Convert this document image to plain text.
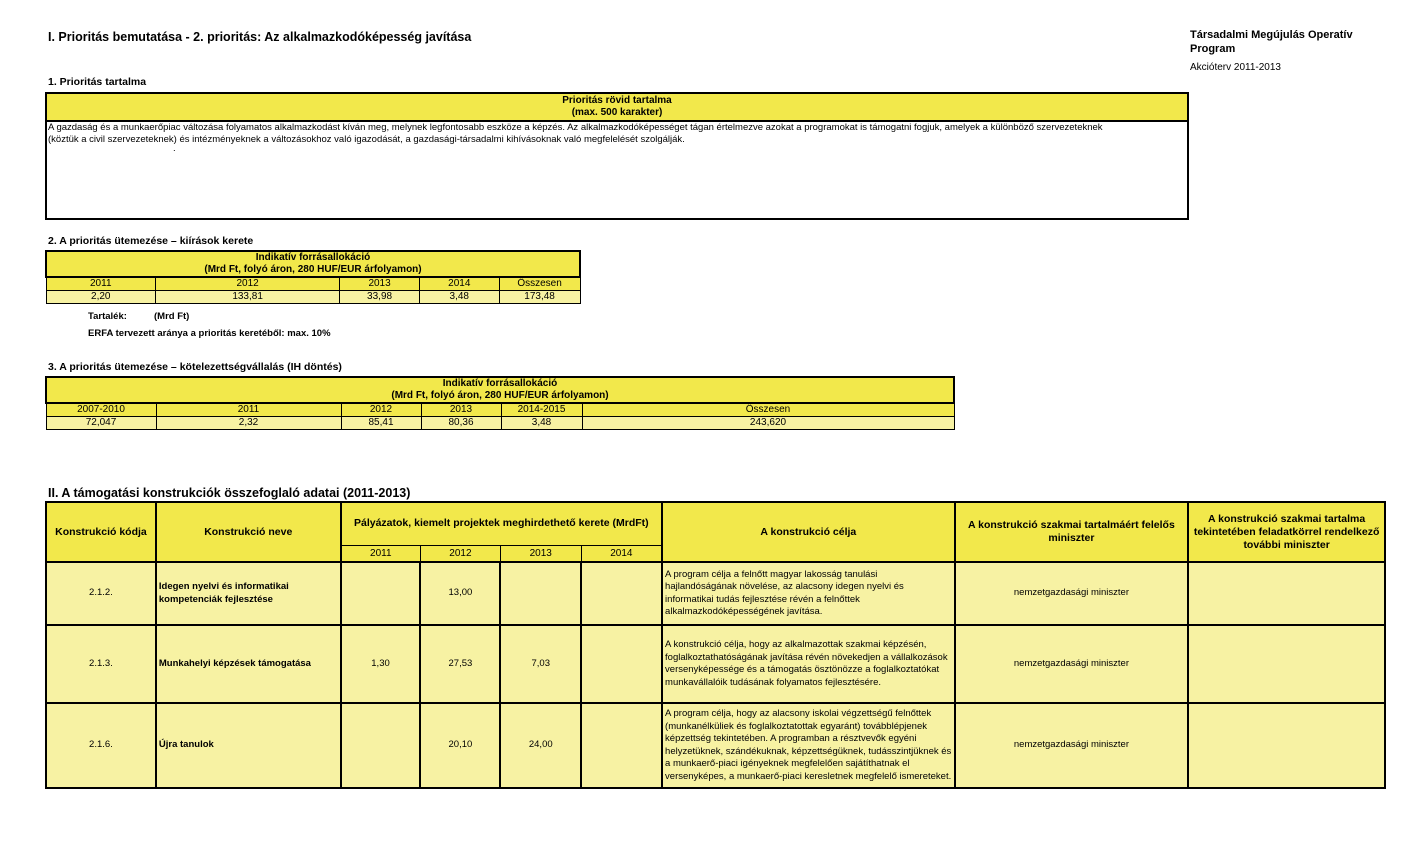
I. Prioritás bemutatása - 2. prioritás: Az alkalmazkodóképesség javítása	Társadalmi Megújulás Operatív
Program
Akcióterv 2011-2013
1. Prioritás tartalma
Prioritás rövid tartalma
(max. 500 karakter)

A gazdaság és a munkaerőpiac változása folyamatos alkalmazkodást kíván meg, melynek legfontosabb eszköze a képzés. Az alkalmazkodóképességet tágan értelmezve azokat a programokat is támogatni fogjuk, amelyek a különböző szervezeteknek
(köztük a civil szervezeteknek) és intézményeknek a változásokhoz való igazodását, a gazdasági-társadalmi kihívásoknak való megfelelését szolgálják.
.
2. A prioritás ütemezése – kiírások kerete
Indikatív forrásallokáció
(Mrd Ft, folyó áron, 280 HUF/EUR árfolyamon)				

2011	2012	2013	2014	Összesen
2,20	133,81	33,98	3,48	173,48
Tartalék:	(Mrd Ft)
ERFA tervezett aránya a prioritás keretéből: max. 10%
3. A prioritás ütemezése – kötelezettségvállalás (IH döntés)
Indikatív forrásallokáció
(Mrd Ft, folyó áron, 280 HUF/EUR árfolyamon)					

2007-2010	2011	2012	2013	2014-2015	Összesen
72,047	2,32	85,41	80,36	3,48	243,620
II. A támogatási konstrukciók összefoglaló adatai (2011-2013)
Konstrukció kódja	Konstrukció neve	Pályázatok, kiemelt projektek meghirdethető kerete (MrdFt)				A konstrukció célja	A konstrukció szakmai tartalmáért felelős miniszter	A konstrukció szakmai tartalma tekintetében feladatkörrel rendelkező további miniszter
		2011	2012	2013	2014			
2.1.2.	Idegen nyelvi és informatikai kompetenciák fejlesztése		13,00			A program célja a felnőtt magyar lakosság tanulási hajlandóságának növelése, az alacsony idegen nyelvi és informatikai tudás fejlesztése révén a felnőttek alkalmazkodóképességének javítása.	nemzetgazdasági miniszter	
2.1.3.	Munkahelyi képzések támogatása	1,30	27,53	7,03		A konstrukció célja, hogy az alkalmazottak szakmai képzésén, foglalkoztathatóságának javítása révén növekedjen a vállalkozások versenyképessége és a támogatás ösztönözze a foglalkoztatókat munkavállalóik tudásának folyamatos fejlesztésére.	nemzetgazdasági miniszter	
2.1.6.	Újra tanulok		20,10	24,00		A program célja, hogy az alacsony iskolai végzettségű felnőttek (munkanélküliek és foglalkoztatottak egyaránt) továbblépjenek képzettség tekintetében. A programban a résztvevők egyéni helyzetüknek, szándékuknak, képzettségüknek, tudásszintjüknek és a munkaerő-piaci igényeknek megfelelően sajátíthatnak el versenyképes, a munkaerő-piaci keresletnek megfelelő ismereteket.	nemzetgazdasági miniszter	
